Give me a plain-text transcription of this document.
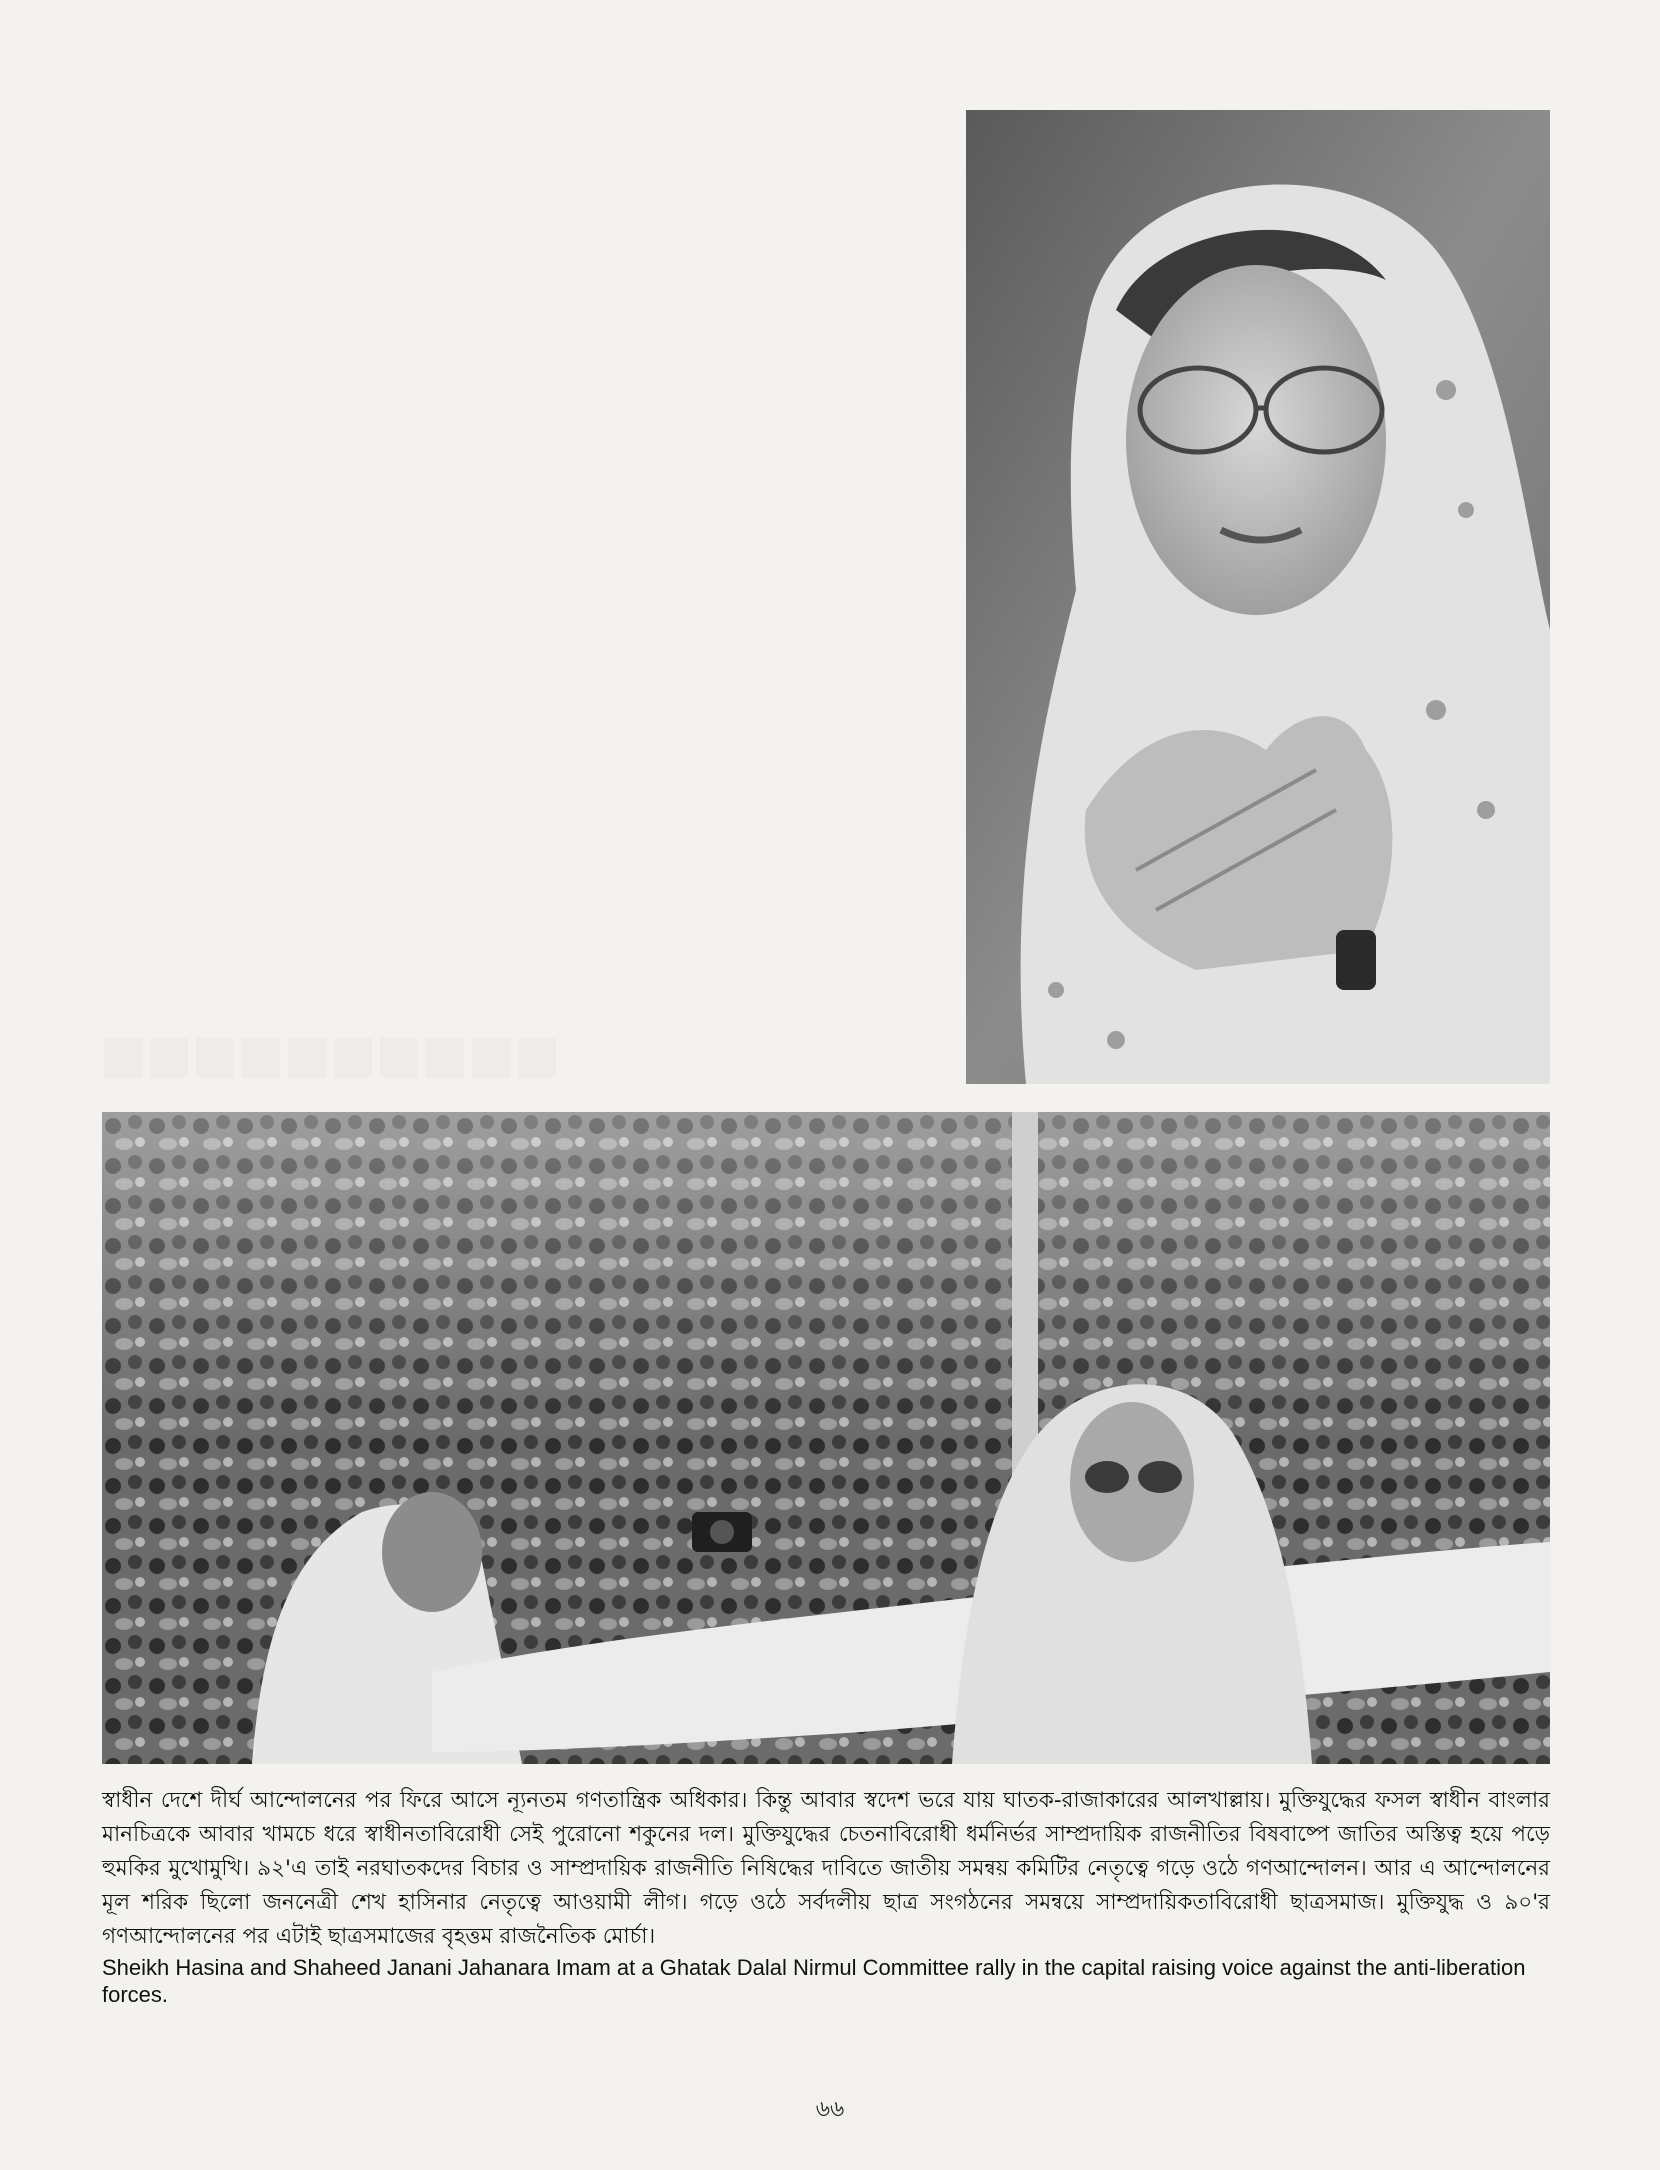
স্বাধীন দেশে দীর্ঘ আন্দোলনের পর ফিরে আসে ন্যূনতম গণতান্ত্রিক অধিকার। কিন্তু আবার স্বদেশ ভরে যায় ঘাতক-রাজাকারের আলখাল্লায়। মুক্তিযুদ্ধের ফসল স্বাধীন বাংলার মানচিত্রকে আবার খামচে ধরে স্বাধীনতাবিরোধী সেই পুরোনো শকুনের দল। মুক্তিযুদ্ধের চেতনাবিরোধী ধর্মনির্ভর সাম্প্রদায়িক রাজনীতির বিষবাষ্পে জাতির অস্তিত্ব হয়ে পড়ে হুমকির মুখোমুখি। ৯২'এ তাই নরঘাতকদের বিচার ও সাম্প্রদায়িক রাজনীতি নিষিদ্ধের দাবিতে জাতীয় সমন্বয় কমিটির নেতৃত্বে গড়ে ওঠে গণআন্দোলন। আর এ আন্দোলনের মূল শরিক ছিলো জননেত্রী শেখ হাসিনার নেতৃত্বে আওয়ামী লীগ। গড়ে ওঠে সর্বদলীয় ছাত্র সংগঠনের সমন্বয়ে সাম্প্রদায়িকতাবিরোধী ছাত্রসমাজ। মুক্তিযুদ্ধ ও ৯০'র গণআন্দোলনের পর এটাই ছাত্রসমাজের বৃহত্তম রাজনৈতিক মোর্চা।
Sheikh Hasina and Shaheed Janani Jahanara Imam at a Ghatak Dalal Nirmul Committee rally in the capital raising voice against the anti-liberation forces.
৬৬
